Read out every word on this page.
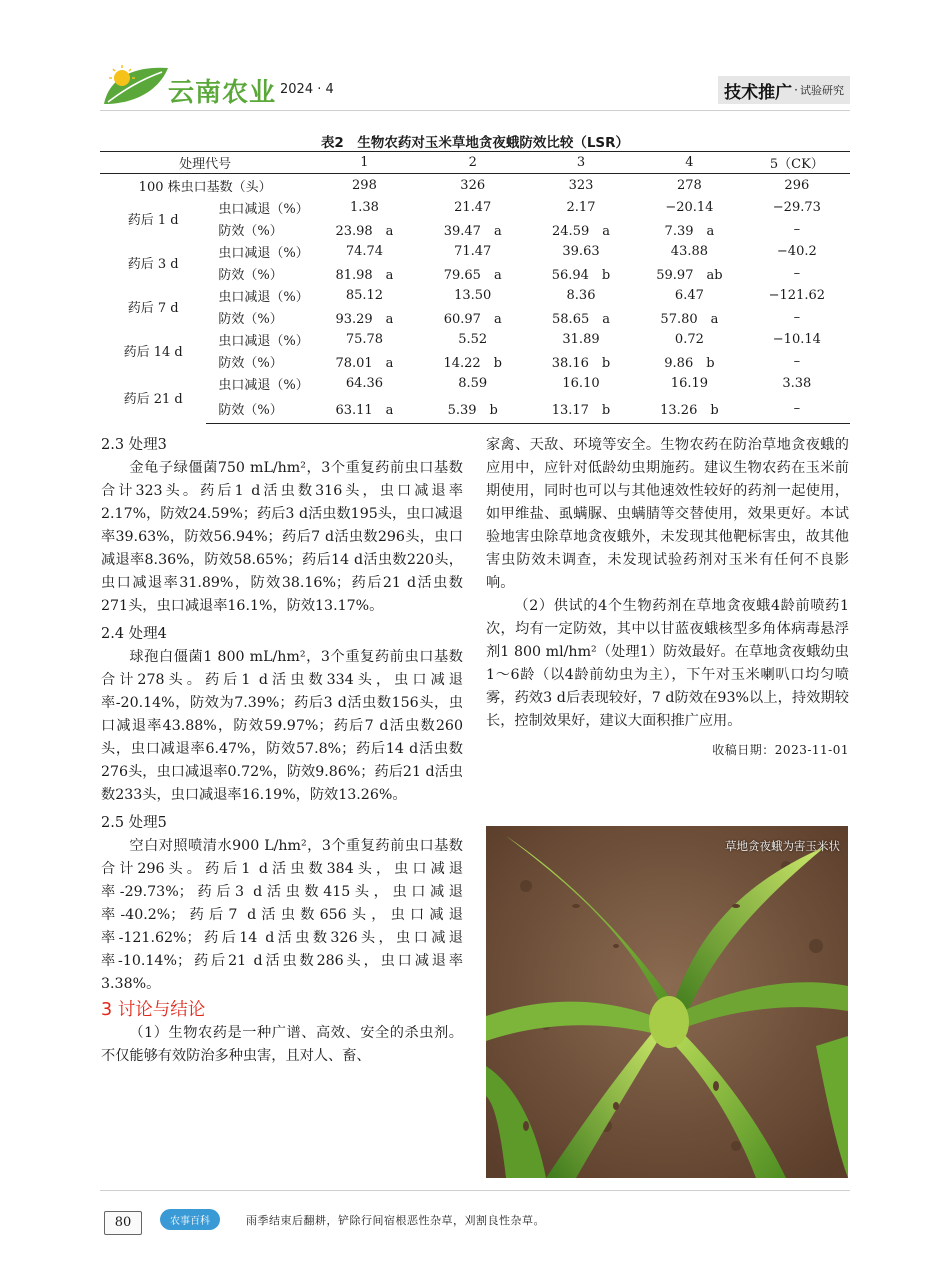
云南农业 2024 · 4	技术推广 · 试验研究
表2　生物农药对玉米草地贪夜蛾防效比较（LSR）
处理代号		1	2	3	4	5（CK）
100 株虫口基数（头）		298	326	323	278	296
药后 1 d	虫口减退（%）	1.38	21.47	2.17	−20.14	−29.73
	防效（%）	23.98　a	39.47　a	24.59　a	7.39　a	–
药后 3 d	虫口减退（%）	74.74	71.47	39.63	43.88	−40.2
	防效（%）	81.98　a	79.65　a	56.94　b	59.97　ab	–
药后 7 d	虫口减退（%）	85.12	13.50	8.36	6.47	−121.62
	防效（%）	93.29　a	60.97　a	58.65　a	57.80　a	–
药后 14 d	虫口减退（%）	75.78	5.52	31.89	0.72	−10.14
	防效（%）	78.01　a	14.22　b	38.16　b	9.86　b	–
药后 21 d	虫口减退（%）	64.36	8.59	16.10	16.19	3.38
	防效（%）	63.11　a	5.39　b	13.17　b	13.26　b	–
2.3 处理3

金龟子绿僵菌750 mL/hm²，3个重复药前虫口基数合计323头。药后1 d活虫数316头，虫口减退率2.17%，防效24.59%；药后3 d活虫数195头，虫口减退率39.63%，防效56.94%；药后7 d活虫数296头，虫口减退率8.36%，防效58.65%；药后14 d活虫数220头，虫口减退率31.89%，防效38.16%；药后21 d活虫数271头，虫口减退率16.1%，防效13.17%。

2.4 处理4

球孢白僵菌1 800 mL/hm²，3个重复药前虫口基数合计278头。药后1 d活虫数334头，虫口减退率-20.14%，防效为7.39%；药后3 d活虫数156头，虫口减退率43.88%，防效59.97%；药后7 d活虫数260头，虫口减退率6.47%，防效57.8%；药后14 d活虫数276头，虫口减退率0.72%，防效9.86%；药后21 d活虫数233头，虫口减退率16.19%，防效13.26%。

2.5 处理5

空白对照喷清水900 L/hm²，3个重复药前虫口基数合计296头。药后1 d活虫数384头，虫口减退率-29.73%；药后3 d活虫数415头，虫口减退率-40.2%；药后7 d活虫数656头，虫口减退率-121.62%；药后14 d活虫数326头，虫口减退率-10.14%；药后21 d活虫数286头，虫口减退率3.38%。

3 讨论与结论

（1）生物农药是一种广谱、高效、安全的杀虫剂。不仅能够有效防治多种虫害，且对人、畜、

家禽、天敌、环境等安全。生物农药在防治草地贪夜蛾的应用中，应针对低龄幼虫期施药。建议生物农药在玉米前期使用，同时也可以与其他速效性较好的药剂一起使用，如甲维盐、虱螨脲、虫螨腈等交替使用，效果更好。本试验地害虫除草地贪夜蛾外，未发现其他靶标害虫，故其他害虫防效未调查，未发现试验药剂对玉米有任何不良影响。

（2）供试的4个生物药剂在草地贪夜蛾4龄前喷药1次，均有一定防效，其中以甘蓝夜蛾核型多角体病毒悬浮剂1 800 ml/hm²（处理1）防效最好。在草地贪夜蛾幼虫1～6龄（以4龄前幼虫为主），下午对玉米喇叭口均匀喷雾，药效3 d后表现较好，7 d防效在93%以上，持效期较长，控制效果好，建议大面积推广应用。

收稿日期：2023-11-01
草地贪夜蛾为害玉米状
80	农事百科	雨季结束后翻耕，铲除行间宿根恶性杂草，刈割良性杂草。
